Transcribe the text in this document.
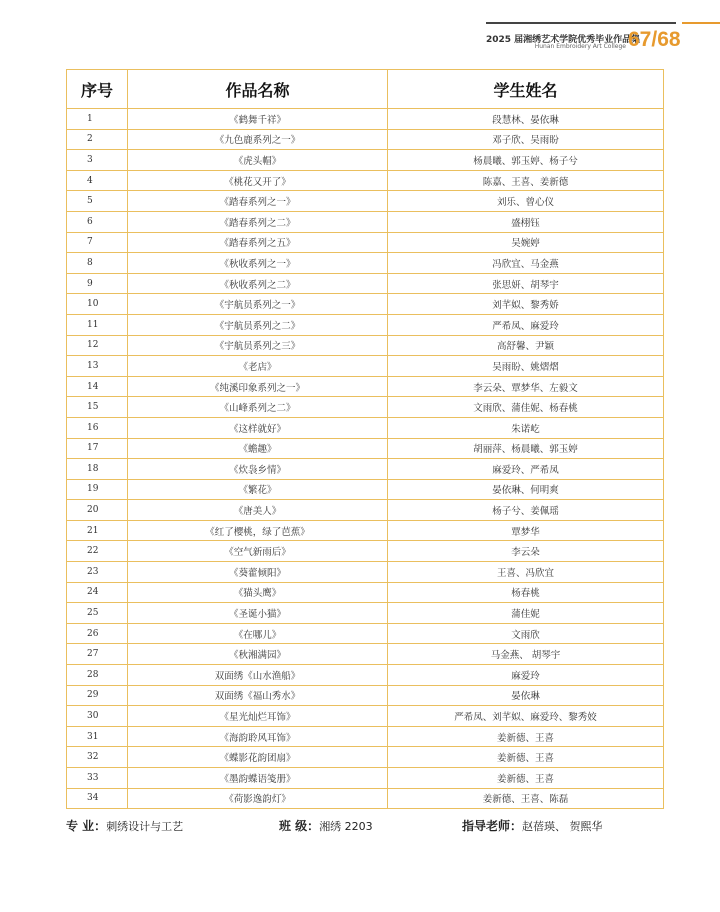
2025 届湘绣艺术学院优秀毕业作品集
Hunan Embroidery Art College 67/68
序号	作品名称	学生姓名
1	《鹤舞千祥》	段慧林、晏依琳
2	《九色鹿系列之一》	邓子欣、吴雨盼
3	《虎头帽》	杨晨曦、郭玉婷、杨子兮
4	《桃花又开了》	陈嘉、王喜、姜新德
5	《踏春系列之一》	刘乐、曾心仪
6	《踏春系列之二》	盛栩钰
7	《踏春系列之五》	吴婉婷
8	《秋收系列之一》	冯欣宜、马金燕
9	《秋收系列之二》	张思妍、胡琴宇
10	《宇航员系列之一》	刘芊姒、黎秀娇
11	《宇航员系列之二》	严希凤、麻爱玲
12	《宇航员系列之三》	高舒馨、尹颖
13	《老店》	吴雨盼、姚熠熠
14	《纯溪印象系列之一》	李云朵、覃梦华、左毅文
15	《山峰系列之二》	文雨欣、蒲佳妮、杨春桃
16	《这样就好》	朱诺屹
17	《蟾趣》	胡丽萍、杨晨曦、郭玉婷
18	《炊袅乡情》	麻爱玲、严希凤
19	《繁花》	晏依琳、何明爽
20	《唐美人》	杨子兮、姜佩瑶
21	《红了樱桃，绿了芭蕉》	覃梦华
22	《空气新雨后》	李云朵
23	《葵藿倾阳》	王喜、冯欣宜
24	《猫头鹰》	杨春桃
25	《圣诞小猫》	蒲佳妮
26	《在哪儿》	文雨欣
27	《秋湘满园》	马金燕、 胡琴宇
28	双面绣《山水渔船》	麻爱玲
29	双面绣《福山秀水》	晏依琳
30	《星光灿烂耳饰》	严希凤、刘芊姒、麻爱玲、黎秀姣
31	《海韵聆风耳饰》	姜新德、王喜
32	《蝶影花韵团扇》	姜新德、王喜
33	《墨韵蝶语笺册》	姜新德、王喜
34	《荷影逸韵灯》	姜新德、王喜、陈磊
专 业：刺绣设计与工艺	班 级：湘绣 2203	指导老师：赵蓓瑛、 贺熙华
